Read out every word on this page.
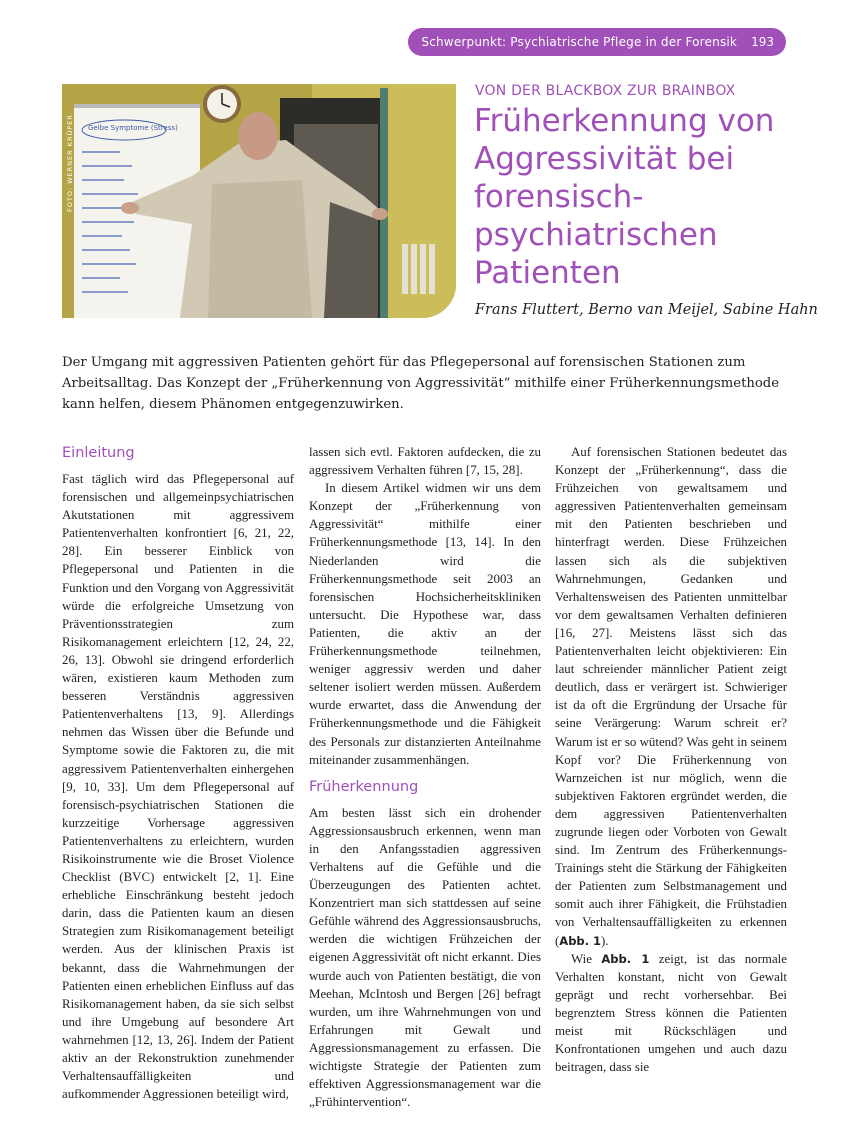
Schwerpunkt: Psychiatrische Pflege in der Forensik 193
Gelbe Symptome (Stress)
FOTO: WERNER KRÜPER
VON DER BLACKBOX ZUR BRAINBOX
Früherkennung von Aggressivität bei forensisch-psychiatrischen Patienten
Frans Fluttert, Berno van Meijel, Sabine Hahn

Der Umgang mit aggressiven Patienten gehört für das Pflegepersonal auf forensischen Stationen zum Arbeitsalltag. Das Konzept der „Früherkennung von Aggressivität“ mithilfe einer Früherkennungsmethode kann helfen, diesem Phänomen entgegenzuwirken.

Einleitung

Fast täglich wird das Pflegepersonal auf forensischen und allgemeinpsychiatrischen Akutstationen mit aggressivem Patientenverhalten konfrontiert [6, 21, 22, 28]. Ein besserer Einblick von Pflegepersonal und Patienten in die Funktion und den Vorgang von Aggressivität würde die erfolgreiche Umsetzung von Präventionsstrategien zum Risikomanagement erleichtern [12, 24, 22, 26, 13]. Obwohl sie dringend erforderlich wären, existieren kaum Methoden zum besseren Verständnis aggressiven Patientenverhaltens [13, 9]. Allerdings nehmen das Wissen über die Befunde und Symptome sowie die Faktoren zu, die mit aggressivem Patientenverhalten einhergehen [9, 10, 33]. Um dem Pflegepersonal auf forensisch-psychiatrischen Stationen die kurzzeitige Vorhersage aggressiven Patientenverhaltens zu erleichtern, wurden Risikoinstrumente wie die Broset Violence Checklist (BVC) entwickelt [2, 1]. Eine erhebliche Einschränkung besteht jedoch darin, dass die Patienten kaum an diesen Strategien zum Risikomanagement beteiligt werden. Aus der klinischen Praxis ist bekannt, dass die Wahrnehmungen der Patienten einen erheblichen Einfluss auf das Risikomanagement haben, da sie sich selbst und ihre Umgebung auf besondere Art wahrnehmen [12, 13, 26]. Indem der Patient aktiv an der Rekonstruktion zunehmender Verhaltensauffälligkeiten und aufkommender Aggressionen beteiligt wird,

lassen sich evtl. Faktoren aufdecken, die zu aggressivem Verhalten führen [7, 15, 28].

In diesem Artikel widmen wir uns dem Konzept der „Früherkennung von Aggressivität“ mithilfe einer Früherkennungsmethode [13, 14]. In den Niederlanden wird die Früherkennungsmethode seit 2003 an forensischen Hochsicherheitskliniken untersucht. Die Hypothese war, dass Patienten, die aktiv an der Früherkennungsmethode teilnehmen, weniger aggressiv werden und daher seltener isoliert werden müssen. Außerdem wurde erwartet, dass die Anwendung der Früherkennungsmethode und die Fähigkeit des Personals zur distanzierten Anteilnahme miteinander zusammenhängen.

Früherkennung

Am besten lässt sich ein drohender Aggressionsausbruch erkennen, wenn man in den Anfangsstadien aggressiven Verhaltens auf die Gefühle und die Überzeugungen des Patienten achtet. Konzentriert man sich stattdessen auf seine Gefühle während des Aggressionsausbruchs, werden die wichtigen Frühzeichen der eigenen Aggressivität oft nicht erkannt. Dies wurde auch von Patienten bestätigt, die von Meehan, McIntosh und Bergen [26] befragt wurden, um ihre Wahrnehmungen von und Erfahrungen mit Gewalt und Aggressionsmanagement zu erfassen. Die wichtigste Strategie der Patienten zum effektiven Aggressionsmanagement war die „Frühintervention“.

Auf forensischen Stationen bedeutet das Konzept der „Früherkennung“, dass die Frühzeichen von gewaltsamem und aggressiven Patientenverhalten gemeinsam mit den Patienten beschrieben und hinterfragt werden. Diese Frühzeichen lassen sich als die subjektiven Wahrnehmungen, Gedanken und Verhaltensweisen des Patienten unmittelbar vor dem gewaltsamen Verhalten definieren [16, 27]. Meistens lässt sich das Patientenverhalten leicht objektivieren: Ein laut schreiender männlicher Patient zeigt deutlich, dass er verärgert ist. Schwieriger ist da oft die Ergründung der Ursache für seine Verärgerung: Warum schreit er? Warum ist er so wütend? Was geht in seinem Kopf vor? Die Früherkennung von Warnzeichen ist nur möglich, wenn die subjektiven Faktoren ergründet werden, die dem aggressiven Patientenverhalten zugrunde liegen oder Vorboten von Gewalt sind. Im Zentrum des Früherkennungs-Trainings steht die Stärkung der Fähigkeiten der Patienten zum Selbstmanagement und somit auch ihrer Fähigkeit, die Frühstadien von Verhaltensauffälligkeiten zu erkennen (Abb. 1).

Wie Abb. 1 zeigt, ist das normale Verhalten konstant, nicht von Gewalt geprägt und recht vorhersehbar. Bei begrenztem Stress können die Patienten meist mit Rückschlägen und Konfrontationen umgehen und auch dazu beitragen, dass sie
